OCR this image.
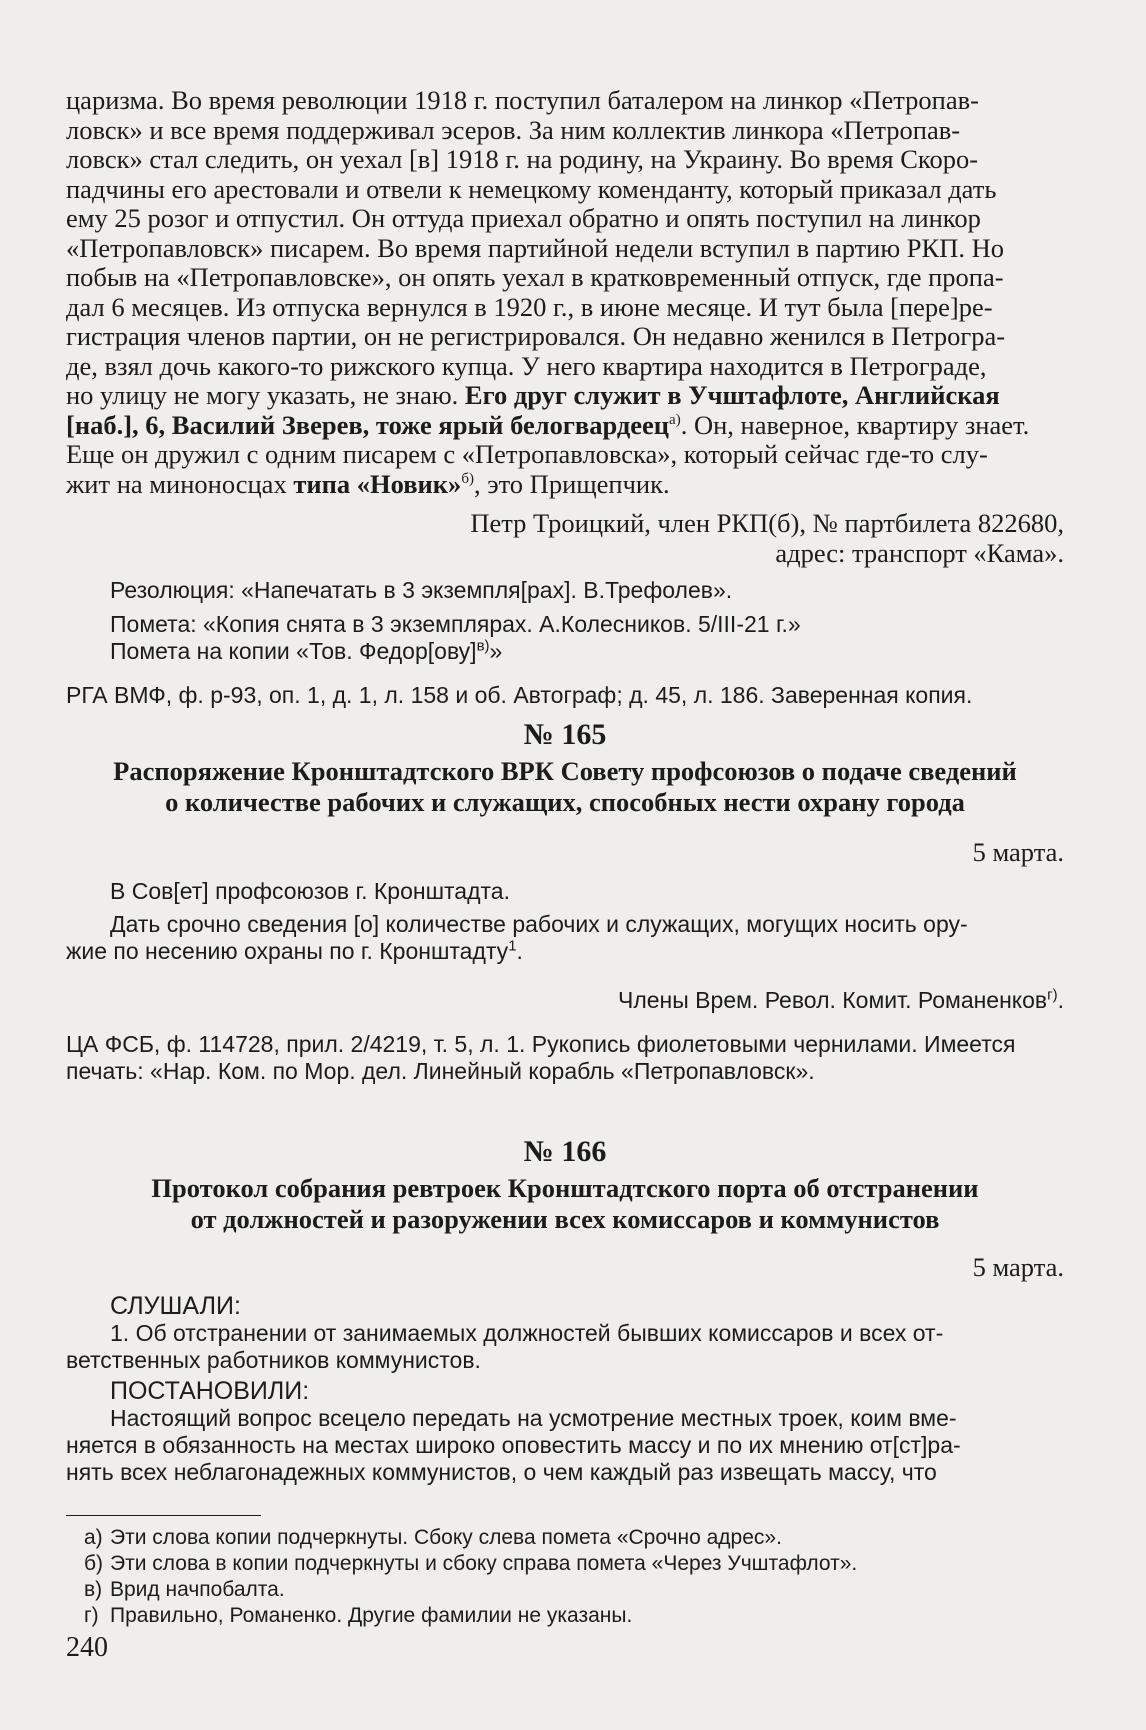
царизма. Во время революции 1918 г. поступил баталером на линкор «Петропав-

ловск» и все время поддерживал эсеров. За ним коллектив линкора «Петропав-

ловск» стал следить, он уехал [в] 1918 г. на родину, на Украину. Во время Скоро-

падчины его арестовали и отвели к немецкому коменданту, который приказал дать

ему 25 розог и отпустил. Он оттуда приехал обратно и опять поступил на линкор

«Петропавловск» писарем. Во время партийной недели вступил в партию РКП. Но

побыв на «Петропавловске», он опять уехал в кратковременный отпуск, где пропа-

дал 6 месяцев. Из отпуска вернулся в 1920 г., в июне месяце. И тут была [пере]ре-

гистрация членов партии, он не регистрировался. Он недавно женился в Петрогра-

де, взял дочь какого-то рижского купца. У него квартира находится в Петрограде,

но улицу не могу указать, не знаю. Его друг служит в Учштафлоте, Английская

[наб.], 6, Василий Зверев, тоже ярый белогвардеец$^{а)}$. Он, наверное, квартиру знает.

Еще он дружил с одним писарем с «Петропавловска», который сейчас где-то слу-

жит на миноносцах типа «Новик»$^{б)}$, это Прищепчик.

Петр Троицкий, член РКП(б), № партбилета 822680,

адрес: транспорт «Кама».

Резолюция: «Напечатать в 3 экземпля[рах]. В.Трефолев».

Помета: «Копия снята в 3 экземплярах. А.Колесников. 5/III-21 г.»

Помета на копии «Тов. Федор[ову]$^{в)}$»

РГА ВМФ, ф. р-93, оп. 1, д. 1, л. 158 и об. Автограф; д. 45, л. 186. Заверенная копия.

№ 165
Распоряжение Кронштадтского ВРК Совету профсоюзов о подаче сведений
о количестве рабочих и служащих, способных нести охрану города

5 марта.

В Сов[ет] профсоюзов г. Кронштадта.

Дать срочно сведения [о] количестве рабочих и служащих, могущих носить ору-

жие по несению охраны по г. Кронштадту$^1$.

Члены Врем. Револ. Комит. Романенков$^{г)}$.

ЦА ФСБ, ф. 114728, прил. 2/4219, т. 5, л. 1. Рукопись фиолетовыми чернилами. Имеется

печать: «Нар. Ком. по Мор. дел. Линейный корабль «Петропавловск».

№ 166
Протокол собрания ревтроек Кронштадтского порта об отстранении
от должностей и разоружении всех комиссаров и коммунистов

5 марта.

СЛУШАЛИ:

1. Об отстранении от занимаемых должностей бывших комиссаров и всех от-

ветственных работников коммунистов.

ПОСТАНОВИЛИ:

Настоящий вопрос всецело передать на усмотрение местных троек, коим вме-

няется в обязанность на местах широко оповестить массу и по их мнению от[ст]ра-

нять всех неблагонадежных коммунистов, о чем каждый раз извещать массу, что

а) Эти слова копии подчеркнуты. Сбоку слева помета «Срочно адрес».
б) Эти слова в копии подчеркнуты и сбоку справа помета «Через Учштафлот».
в) Врид начпобалта.
г) Правильно, Романенко. Другие фамилии не указаны.
240
